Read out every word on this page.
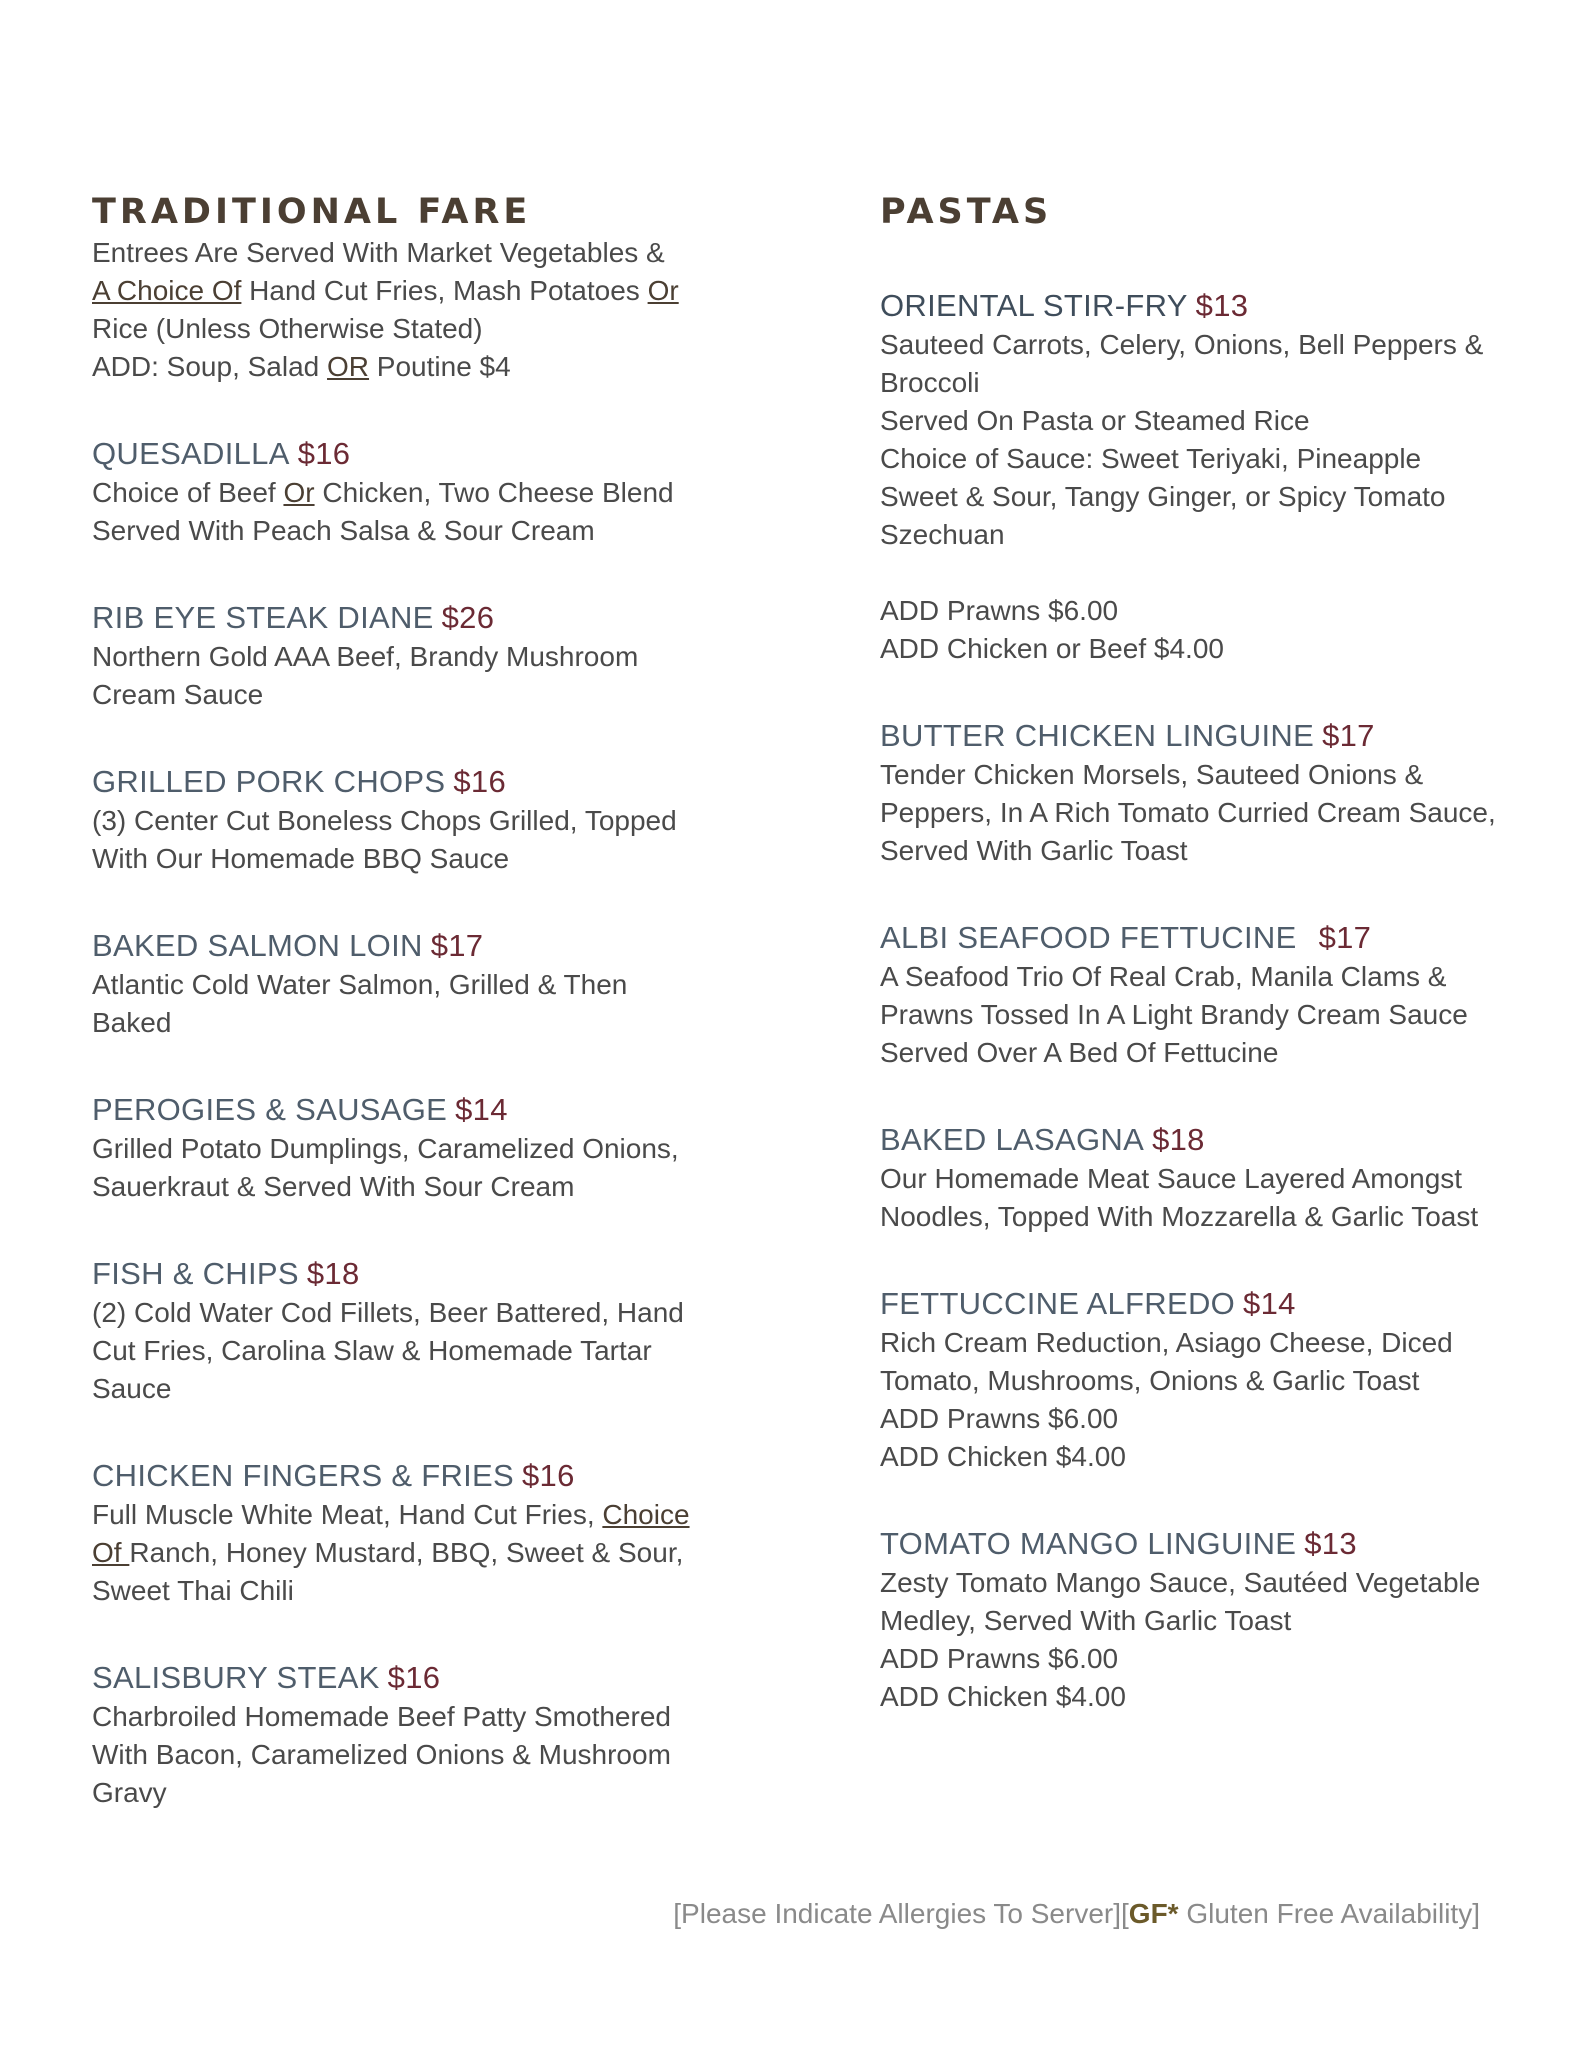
TRADITIONAL FARE
Entrees Are Served With Market Vegetables &
A Choice Of Hand Cut Fries, Mash Potatoes Or
Rice (Unless Otherwise Stated)
ADD: Soup, Salad OR Poutine $4
QUESADILLA $16
Choice of Beef Or Chicken, Two Cheese Blend
Served With Peach Salsa & Sour Cream
RIB EYE STEAK DIANE $26
Northern Gold AAA Beef, Brandy Mushroom
Cream Sauce
GRILLED PORK CHOPS $16
(3) Center Cut Boneless Chops Grilled, Topped
With Our Homemade BBQ Sauce
BAKED SALMON LOIN $17
Atlantic Cold Water Salmon, Grilled & Then
Baked
PEROGIES & SAUSAGE $14
Grilled Potato Dumplings, Caramelized Onions,
Sauerkraut & Served With Sour Cream
FISH & CHIPS $18
(2) Cold Water Cod Fillets, Beer Battered, Hand
Cut Fries, Carolina Slaw & Homemade Tartar
Sauce
CHICKEN FINGERS & FRIES $16
Full Muscle White Meat, Hand Cut Fries, Choice
Of Ranch, Honey Mustard, BBQ, Sweet & Sour,
Sweet Thai Chili
SALISBURY STEAK $16
Charbroiled Homemade Beef Patty Smothered
With Bacon, Caramelized Onions & Mushroom
Gravy
PASTAS
ORIENTAL STIR-FRY $13
Sauteed Carrots, Celery, Onions, Bell Peppers &
Broccoli
Served On Pasta or Steamed Rice
Choice of Sauce: Sweet Teriyaki, Pineapple
Sweet & Sour, Tangy Ginger, or Spicy Tomato
Szechuan
ADD Prawns $6.00
ADD Chicken or Beef $4.00
BUTTER CHICKEN LINGUINE $17
Tender Chicken Morsels, Sauteed Onions &
Peppers, In A Rich Tomato Curried Cream Sauce,
Served With Garlic Toast
ALBI SEAFOOD FETTUCINE $17
A Seafood Trio Of Real Crab, Manila Clams &
Prawns Tossed In A Light Brandy Cream Sauce
Served Over A Bed Of Fettucine
BAKED LASAGNA $18
Our Homemade Meat Sauce Layered Amongst
Noodles, Topped With Mozzarella & Garlic Toast
FETTUCCINE ALFREDO $14
Rich Cream Reduction, Asiago Cheese, Diced
Tomato, Mushrooms, Onions & Garlic Toast
ADD Prawns $6.00
ADD Chicken $4.00
TOMATO MANGO LINGUINE $13
Zesty Tomato Mango Sauce, Sautéed Vegetable
Medley, Served With Garlic Toast
ADD Prawns $6.00
ADD Chicken $4.00
[Please Indicate Allergies To Server][GF* Gluten Free Availability]
